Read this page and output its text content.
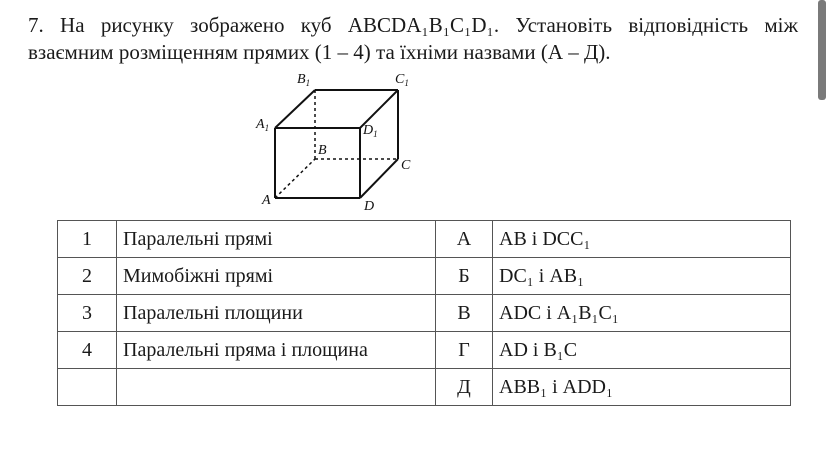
7. На рисунку зображено куб ABCDA₁B₁C₁D₁. Установіть відповідність між
взаємним розміщенням прямих (1 – 4) та їхніми назвами (А – Д).
$B_1$	$C_1$
$A_1$	$D_1$
B
C
A	D
1	Паралельні прямі	А	AB і DCC₁
2	Мимобіжні прямі	Б	DC₁ і AB₁
3	Паралельні площини	В	ADC і A₁B₁C₁
4	Паралельні пряма і площина	Г	AD і B₁C
		Д	ABB₁ і ADD₁
